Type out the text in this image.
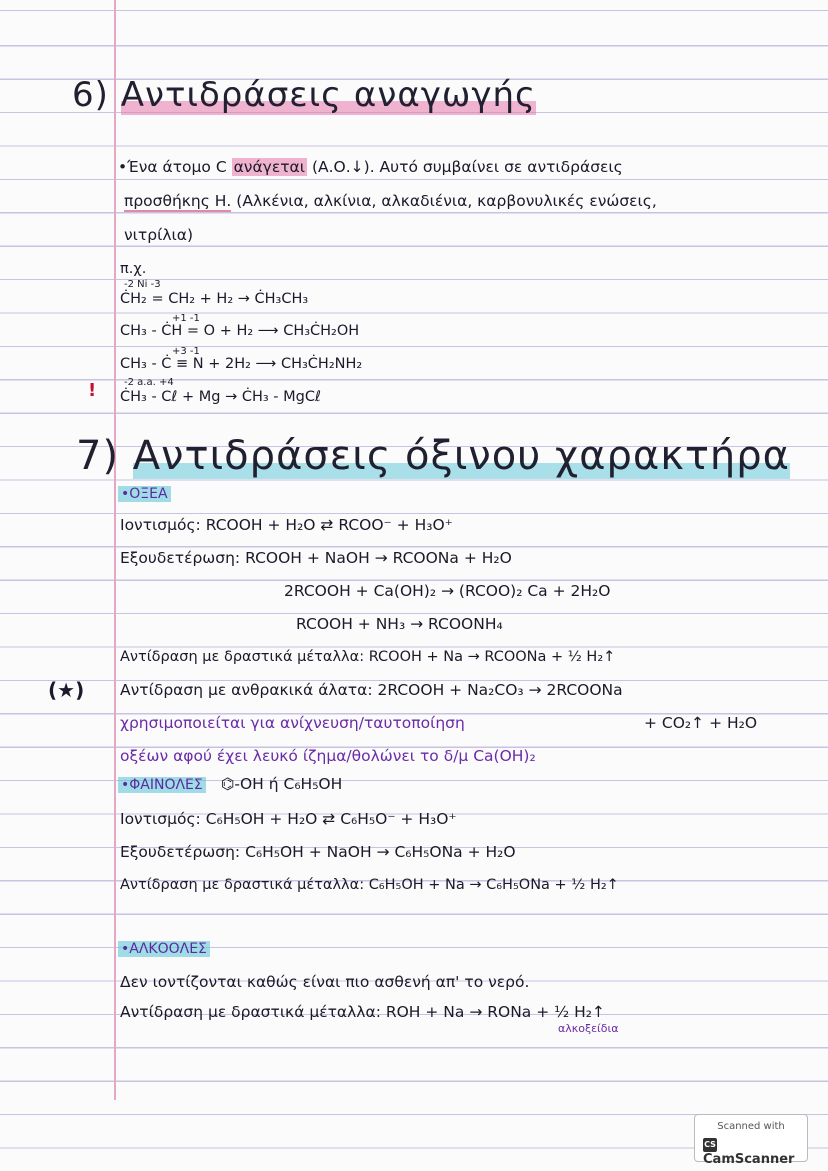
6) Αντιδράσεις αναγωγής
•Ένα άτομο C ανάγεται (Α.Ο.↓). Αυτό συμβαίνει σε αντιδράσεις
προσθήκης Η. (Αλκένια, αλκίνια, αλκαδιένια, καρβονυλικές ενώσεις,
νιτρίλια)
π.χ.
-2 Ni -3
ĊH₂ = CH₂ + H₂ → ĊH₃CH₃
+1 -1
CH₃ - ĊH = O + H₂ ⟶ CH₃ĊH₂OH
+3 -1
CH₃ - Ċ ≡ N + 2H₂ ⟶ CH₃ĊH₂NH₂
!	-2 a.a. +4
ĊH₃ - Cℓ + Mg → ĊH₃ - MgCℓ
7) Αντιδράσεις όξινου χαρακτήρα
•ΟΞΕΑ
Ιοντισμός: RCOOH + H₂O ⇄ RCOO⁻ + H₃O⁺
Εξουδετέρωση: RCOOH + NaOH → RCOONa + H₂O
2RCOOH + Ca(OH)₂ → (RCOO)₂ Ca + 2H₂O
RCOOH + NH₃ → RCOONH₄
Αντίδραση με δραστικά μέταλλα: RCOOH + Na → RCOONa + ½ H₂↑
(★) Αντίδραση με ανθρακικά άλατα: 2RCOOH + Na₂CO₃ → 2RCOONa
χρησιμοποιείται για ανίχνευση/ταυτοποίηση	+ CO₂↑ + H₂O
οξέων αφού έχει λευκό ίζημα/θολώνει το δ/μ Ca(OH)₂
•ΦΑΙΝΟΛΕΣ ⌬-OH ή C₆H₅OH
Ιοντισμός: C₆H₅OH + H₂O ⇄ C₆H₅O⁻ + H₃O⁺
Εξουδετέρωση: C₆H₅OH + NaOH → C₆H₅ONa + H₂O
Αντίδραση με δραστικά μέταλλα: C₆H₅OH + Na → C₆H₅ONa + ½ H₂↑
•ΑΛΚΟΟΛΕΣ
Δεν ιοντίζονται καθώς είναι πιο ασθενή απ' το νερό.
Αντίδραση με δραστικά μέταλλα: ROH + Na → RONa + ½ H₂↑
αλκοξείδια
Scanned with
CSCamScanner
